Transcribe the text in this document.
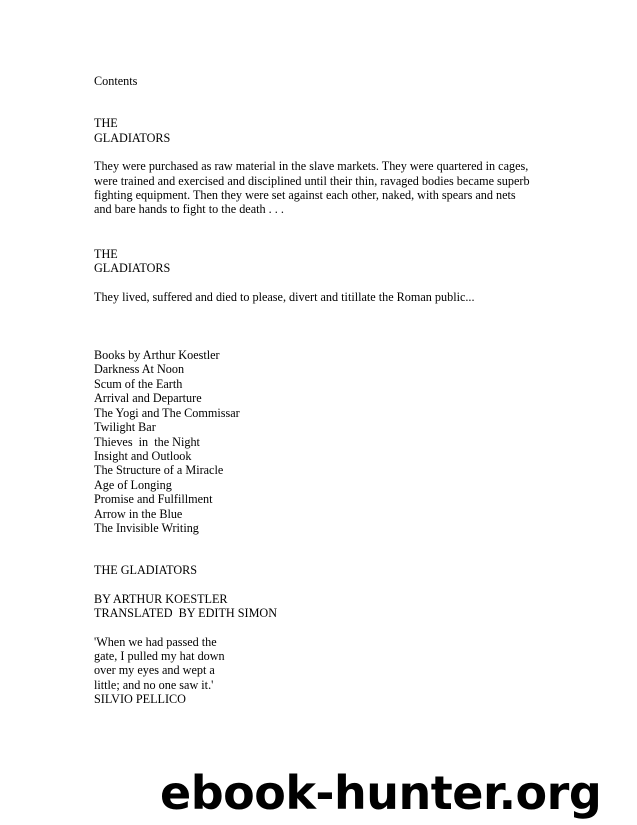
Contents
THE
GLADIATORS
They were purchased as raw material in the slave markets. They were quartered in cages,
were trained and exercised and disciplined until their thin, ravaged bodies became superb
fighting equipment. Then they were set against each other, naked, with spears and nets
and bare hands to fight to the death . . .
THE
GLADIATORS
They lived, suffered and died to please, divert and titillate the Roman public...
Books by Arthur Koestler
Darkness At Noon
Scum of the Earth
Arrival and Departure
The Yogi and The Commissar
Twilight Bar
Thieves  in  the Night
Insight and Outlook
The Structure of a Miracle
Age of Longing
Promise and Fulfillment
Arrow in the Blue
The Invisible Writing
THE GLADIATORS
BY ARTHUR KOESTLER
TRANSLATED  BY EDITH SIMON
'When we had passed the
gate, I pulled my hat down
over my eyes and wept a
little; and no one saw it.'
SILVIO PELLICO
ebook-hunter.org
